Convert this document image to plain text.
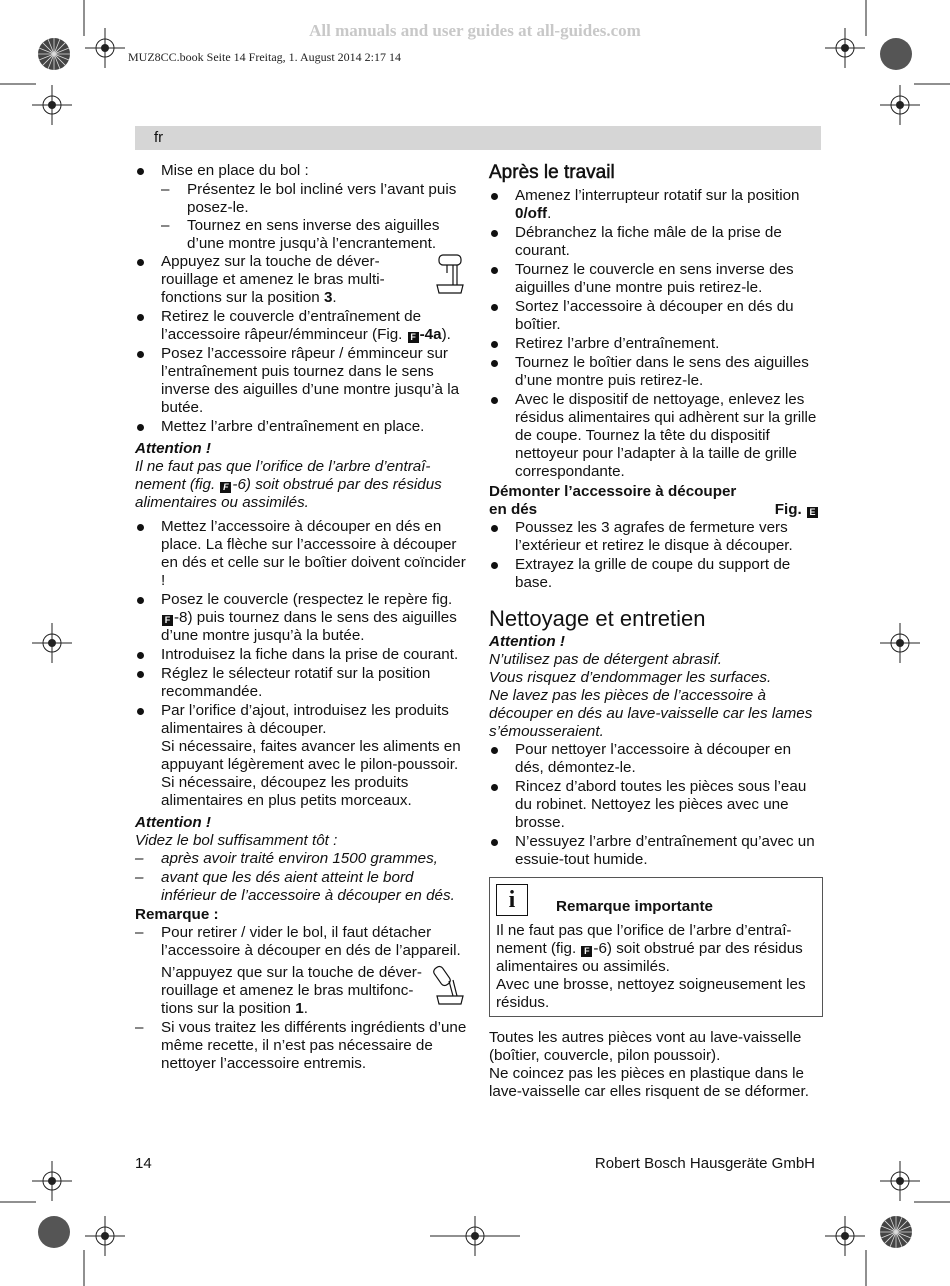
All manuals and user guides at all-guides.com
MUZ8CC.book Seite 14 Freitag, 1. August 2014 2:17 14
fr
Mise en place du bol :
– Présentez le bol incliné vers l’avant puis posez-le.
– Tournez en sens inverse des aiguilles d’une montre jusqu’à l’encrantement.
Appuyez sur la touche de déverrouillage et amenez le bras multifonctions sur la position 3.
Retirez le couvercle d’entraînement de l’accessoire râpeur/émminceur (Fig. F -4a).
Posez l’accessoire râpeur / émminceur sur l’entraînement puis tournez dans le sens inverse des aiguilles d’une montre jusqu’à la butée.
Mettez l’arbre d’entraînement en place.
Attention !

Il ne faut pas que l’orifice de l’arbre d’entraînement (fig. F -6) soit obstrué par des résidus alimentaires ou assimilés.

Mettez l’accessoire à découper en dés en place. La flèche sur l’accessoire à découper en dés et celle sur le boîtier doivent coïncider !
Posez le couvercle (respectez le repère fig. F -8) puis tournez dans le sens des aiguilles d’une montre jusqu’à la butée.
Introduisez la fiche dans la prise de courant.
Réglez le sélecteur rotatif sur la position recommandée.

Par l’orifice d’ajout, introduisez les produits alimentaires à découper.

Si nécessaire, faites avancer les aliments en appuyant légèrement avec le pilon-poussoir. Si nécessaire, découpez les produits alimentaires en plus petits morceaux.

Attention !

Videz le bol suffisamment tôt :

– après avoir traité environ 1500 grammes,
– avant que les dés aient atteint le bord inférieur de l’accessoire à découper en dés.
Remarque :

– Pour retirer / vider le bol, il faut détacher l’accessoire à découper en dés de l’appareil.

N’appuyez que sur la touche de déverrouillage et amenez le bras multifonctions sur la position 1.

– Si vous traitez les différents ingrédients d’une même recette, il n’est pas nécessaire de nettoyer l’accessoire entremis.
Après le travail
Amenez l’interrupteur rotatif sur la position 0/off.
Débranchez la fiche mâle de la prise de courant.
Tournez le couvercle en sens inverse des aiguilles d’une montre puis retirez-le.
Sortez l’accessoire à découper en dés du boîtier.
Retirez l’arbre d’entraînement.
Tournez le boîtier dans le sens des aiguilles d’une montre puis retirez-le.
Avec le dispositif de nettoyage, enlevez les résidus alimentaires qui adhèrent sur la grille de coupe. Tournez la tête du dispositif nettoyeur pour l’adapter à la taille de grille correspondante.

Démonter l’accessoire à découper

en dés	Fig. E
Poussez les 3 agrafes de fermeture vers l’extérieur et retirez le disque à découper.
Extrayez la grille de coupe du support de base.
Nettoyage et entretien
Attention !

N’utilisez pas de détergent abrasif.

Vous risquez d’endommager les surfaces.

Ne lavez pas les pièces de l’accessoire à découper en dés au lave-vaisselle car les lames s’émousseraient.

Pour nettoyer l’accessoire à découper en dés, démontez-le.
Rincez d’abord toutes les pièces sous l’eau du robinet. Nettoyez les pièces avec une brosse.
N’essuyez l’arbre d’entraînement qu’avec un essuie-tout humide.
i	Remarque importante

Il ne faut pas que l’orifice de l’arbre d’entraînement (fig. F -6) soit obstrué par des résidus alimentaires ou assimilés.

Avec une brosse, nettoyez soigneusement les résidus.

Toutes les autres pièces vont au lave-vaisselle (boîtier, couvercle, pilon poussoir).

Ne coincez pas les pièces en plastique dans le lave-vaisselle car elles risquent de se déformer.

14	Robert Bosch Hausgeräte GmbH
